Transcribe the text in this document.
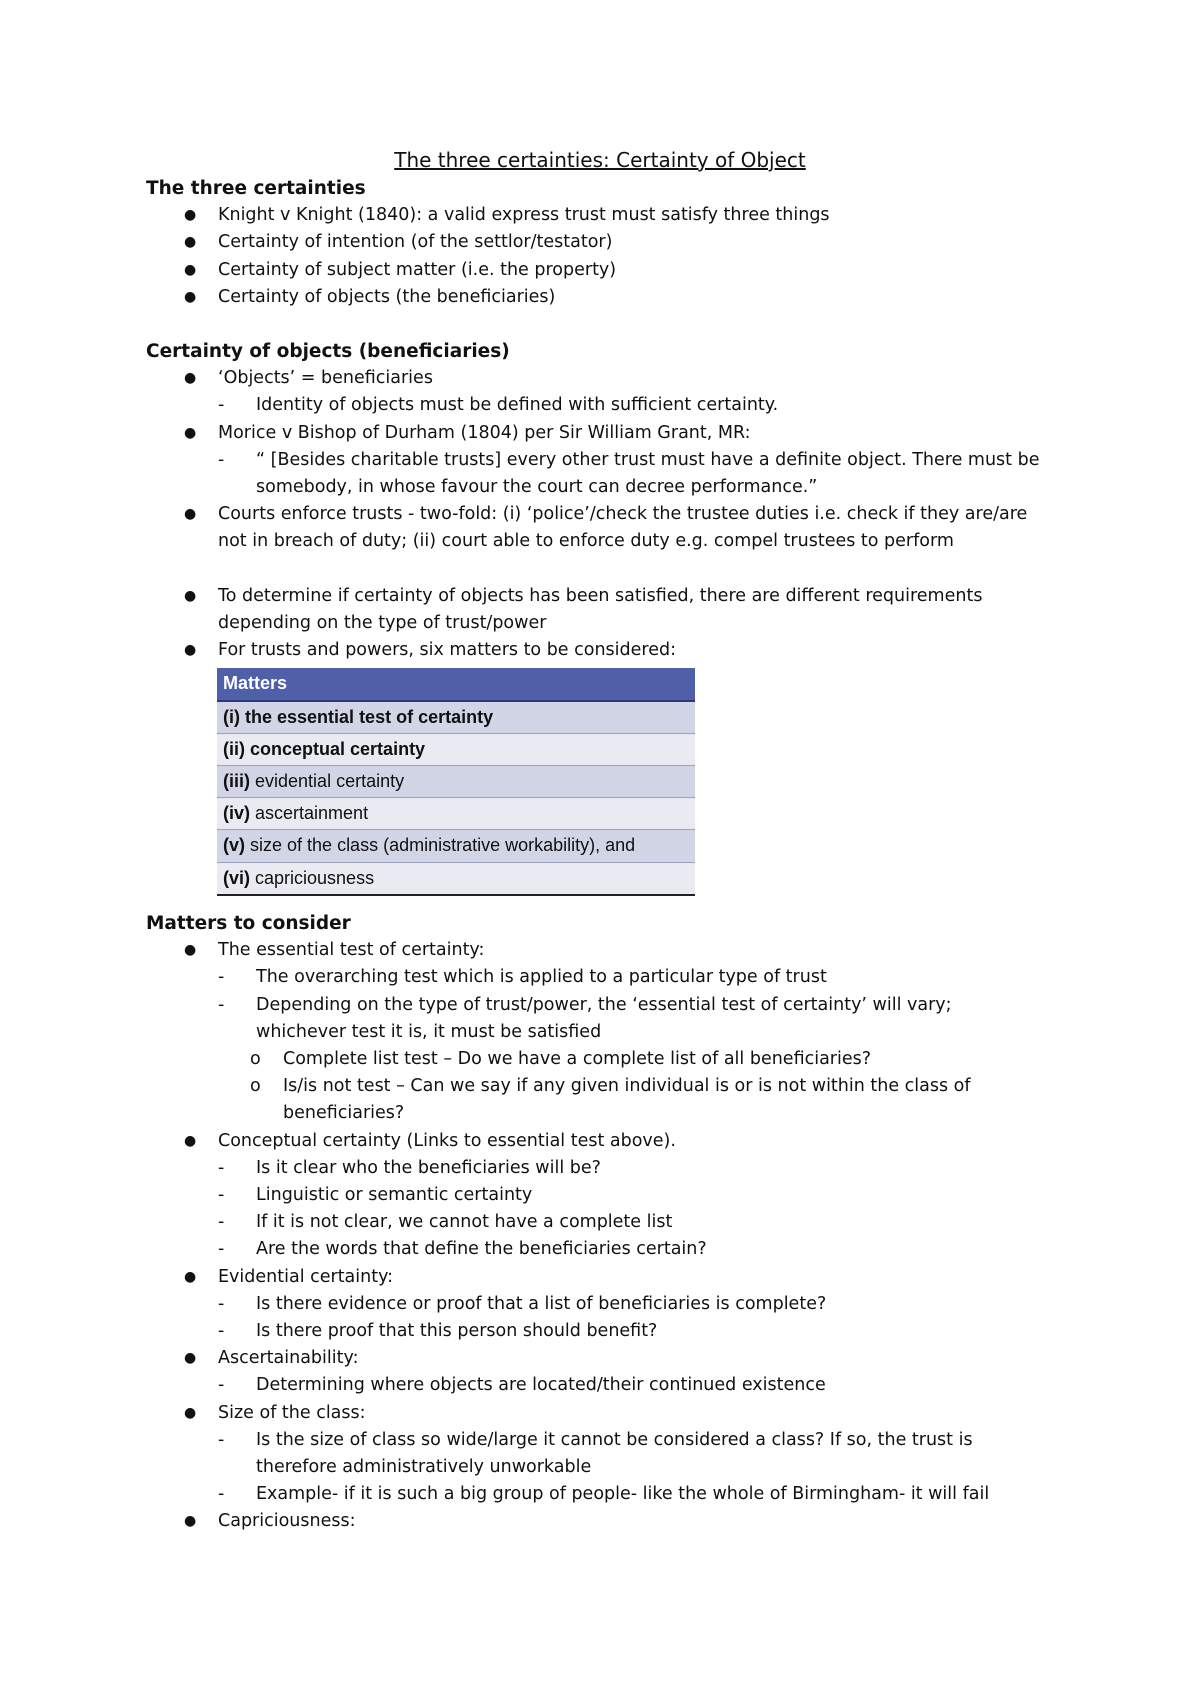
The three certainties: Certainty of Object
The three certainties
● Knight v Knight (1840): a valid express trust must satisfy three things
● Certainty of intention (of the settlor/testator)
● Certainty of subject matter (i.e. the property)
● Certainty of objects (the beneficiaries)
Certainty of objects (beneficiaries)
● ‘Objects’ = beneficiaries
- Identity of objects must be defined with sufficient certainty.
● Morice v Bishop of Durham (1804) per Sir William Grant, MR:
- “ [Besides charitable trusts] every other trust must have a definite object. There must be
somebody, in whose favour the court can decree performance.”
● Courts enforce trusts - two-fold: (i) ‘police’/check the trustee duties i.e. check if they are/are
not in breach of duty; (ii) court able to enforce duty e.g. compel trustees to perform
● To determine if certainty of objects has been satisfied, there are different requirements
depending on the type of trust/power
● For trusts and powers, six matters to be considered:
Matters
(i) the essential test of certainty
(ii) conceptual certainty
(iii) evidential certainty
(iv) ascertainment
(v) size of the class (administrative workability), and
(vi) capriciousness
Matters to consider
● The essential test of certainty:
- The overarching test which is applied to a particular type of trust
- Depending on the type of trust/power, the ‘essential test of certainty’ will vary;
whichever test it is, it must be satisfied
o Complete list test – Do we have a complete list of all beneficiaries?
o Is/is not test – Can we say if any given individual is or is not within the class of
beneficiaries?
● Conceptual certainty (Links to essential test above).
- Is it clear who the beneficiaries will be?
- Linguistic or semantic certainty
- If it is not clear, we cannot have a complete list
- Are the words that define the beneficiaries certain?
● Evidential certainty:
- Is there evidence or proof that a list of beneficiaries is complete?
- Is there proof that this person should benefit?
● Ascertainability:
- Determining where objects are located/their continued existence
● Size of the class:
- Is the size of class so wide/large it cannot be considered a class? If so, the trust is
therefore administratively unworkable
- Example- if it is such a big group of people- like the whole of Birmingham- it will fail
● Capriciousness:
